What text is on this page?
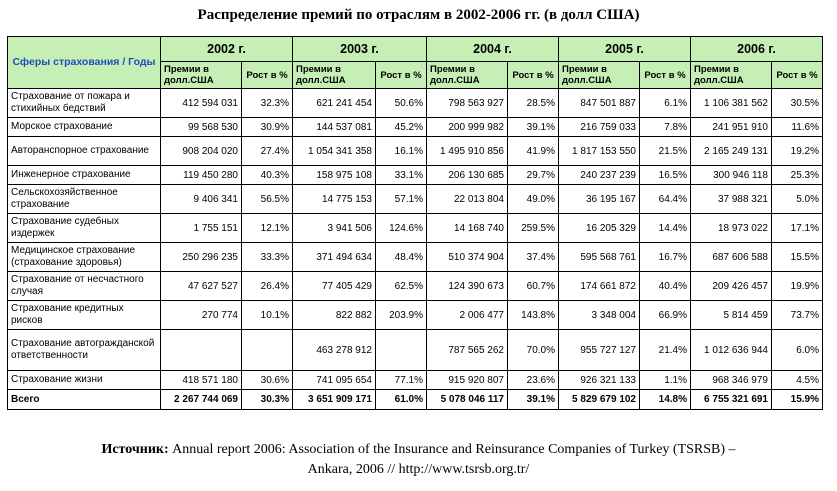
Распределение премий по отраслям в 2002-2006 гг. (в долл США)
Сферы страхования / Годы	2002 г.		2003 г.		2004 г.		2005 г.		2006 г.	
	Премии в долл.США	Рост в %	Премии в долл.США	Рост в %	Премии в долл.США	Рост в %	Премии в долл.США	Рост в %	Премии в долл.США	Рост в %
Страхование от пожара и стихийных бедствий	412 594 031	32.3%	621 241 454	50.6%	798 563 927	28.5%	847 501 887	6.1%	1 106 381 562	30.5%
Морское страхование	99 568 530	30.9%	144 537 081	45.2%	200 999 982	39.1%	216 759 033	7.8%	241 951 910	11.6%
Автоpанспорное страхование	908 204 020	27.4%	1 054 341 358	16.1%	1 495 910 856	41.9%	1 817 153 550	21.5%	2 165 249 131	19.2%
Инженерное страхование	119 450 280	40.3%	158 975 108	33.1%	206 130 685	29.7%	240 237 239	16.5%	300 946 118	25.3%
Сельскохозяйственное страхование	9 406 341	56.5%	14 775 153	57.1%	22 013 804	49.0%	36 195 167	64.4%	37 988 321	5.0%
Страхование судебных издержек	1 755 151	12.1%	3 941 506	124.6%	14 168 740	259.5%	16 205 329	14.4%	18 973 022	17.1%
Медицинское страхование (страхование здоровья)	250 296 235	33.3%	371 494 634	48.4%	510 374 904	37.4%	595 568 761	16.7%	687 606 588	15.5%
Страхование от несчастного случая	47 627 527	26.4%	77 405 429	62.5%	124 390 673	60.7%	174 661 872	40.4%	209 426 457	19.9%
Страхование кредитных рисков	270 774	10.1%	822 882	203.9%	2 006 477	143.8%	3 348 004	66.9%	5 814 459	73.7%
Страхование автогражданской ответственности			463 278 912		787 565 262	70.0%	955 727 127	21.4%	1 012 636 944	6.0%
Страхование жизни	418 571 180	30.6%	741 095 654	77.1%	915 920 807	23.6%	926 321 133	1.1%	968 346 979	4.5%
Всего	2 267 744 069	30.3%	3 651 909 171	61.0%	5 078 046 117	39.1%	5 829 679 102	14.8%	6 755 321 691	15.9%
Источник: Annual report 2006: Association of the Insurance and Reinsurance Companies of Turkey (TSRSB) –
Ankara, 2006 // http://www.tsrsb.org.tr/
